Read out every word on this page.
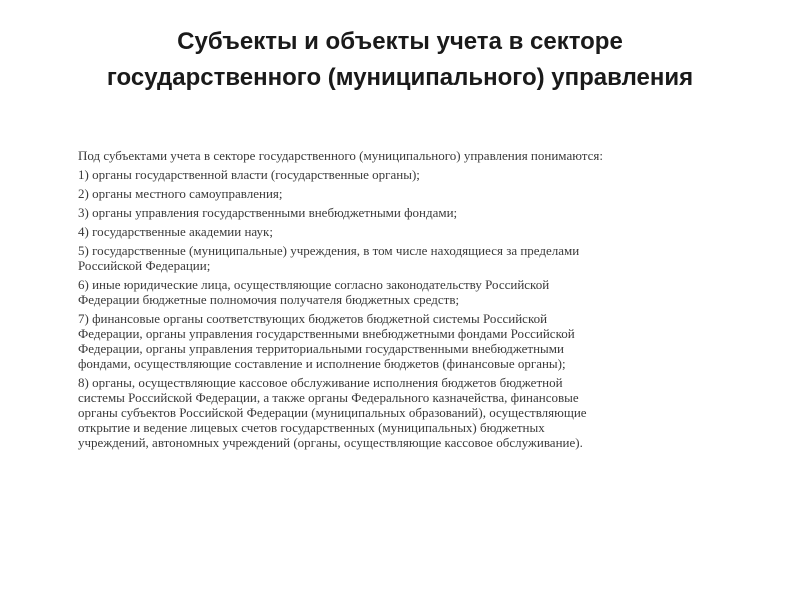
Субъекты и объекты учета в секторе
государственного (муниципального) управления

Под субъектами учета в секторе государственного (муниципального) управления понимаются:

1) органы государственной власти (государственные органы);

2) органы местного самоуправления;

3) органы управления государственными внебюджетными фондами;

4) государственные академии наук;

5) государственные (муниципальные) учреждения, в том числе находящиеся за пределами
Российской Федерации;

6) иные юридические лица, осуществляющие согласно законодательству Российской
Федерации бюджетные полномочия получателя бюджетных средств;

7) финансовые органы соответствующих бюджетов бюджетной системы Российской
Федерации, органы управления государственными внебюджетными фондами Российской
Федерации, органы управления территориальными государственными внебюджетными
фондами, осуществляющие составление и исполнение бюджетов (финансовые органы);

8) органы, осуществляющие кассовое обслуживание исполнения бюджетов бюджетной
системы Российской Федерации, а также органы Федерального казначейства, финансовые
органы субъектов Российской Федерации (муниципальных образований), осуществляющие
открытие и ведение лицевых счетов государственных (муниципальных) бюджетных
учреждений, автономных учреждений (органы, осуществляющие кассовое обслуживание).
